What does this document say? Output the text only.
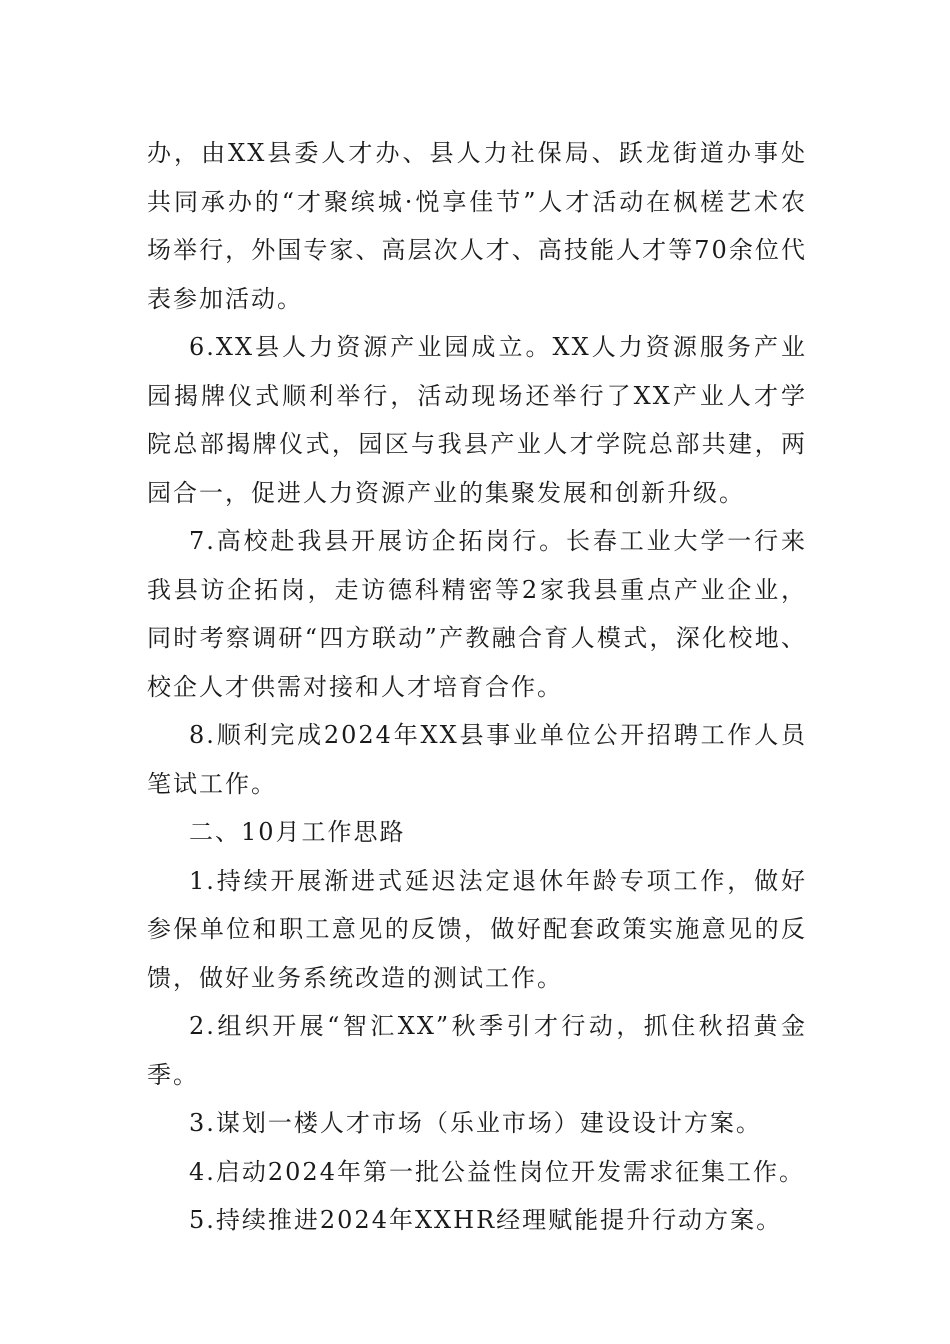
办，由XX县委人才办、县人力社保局、跃龙街道办事处共同承办的“才聚缤城·悦享佳节”人才活动在枫槎艺术农场举行，外国专家、高层次人才、高技能人才等70余位代表参加活动。

6.XX县人力资源产业园成立。XX人力资源服务产业园揭牌仪式顺利举行，活动现场还举行了XX产业人才学院总部揭牌仪式，园区与我县产业人才学院总部共建，两园合一，促进人力资源产业的集聚发展和创新升级。

7.高校赴我县开展访企拓岗行。长春工业大学一行来我县访企拓岗，走访德科精密等2家我县重点产业企业，同时考察调研“四方联动”产教融合育人模式，深化校地、校企人才供需对接和人才培育合作。

8.顺利完成2024年XX县事业单位公开招聘工作人员笔试工作。

二、10月工作思路

1.持续开展渐进式延迟法定退休年龄专项工作，做好参保单位和职工意见的反馈，做好配套政策实施意见的反馈，做好业务系统改造的测试工作。

2.组织开展“智汇XX”秋季引才行动，抓住秋招黄金季。

3.谋划一楼人才市场（乐业市场）建设设计方案。

4.启动2024年第一批公益性岗位开发需求征集工作。

5.持续推进2024年XXHR经理赋能提升行动方案。
